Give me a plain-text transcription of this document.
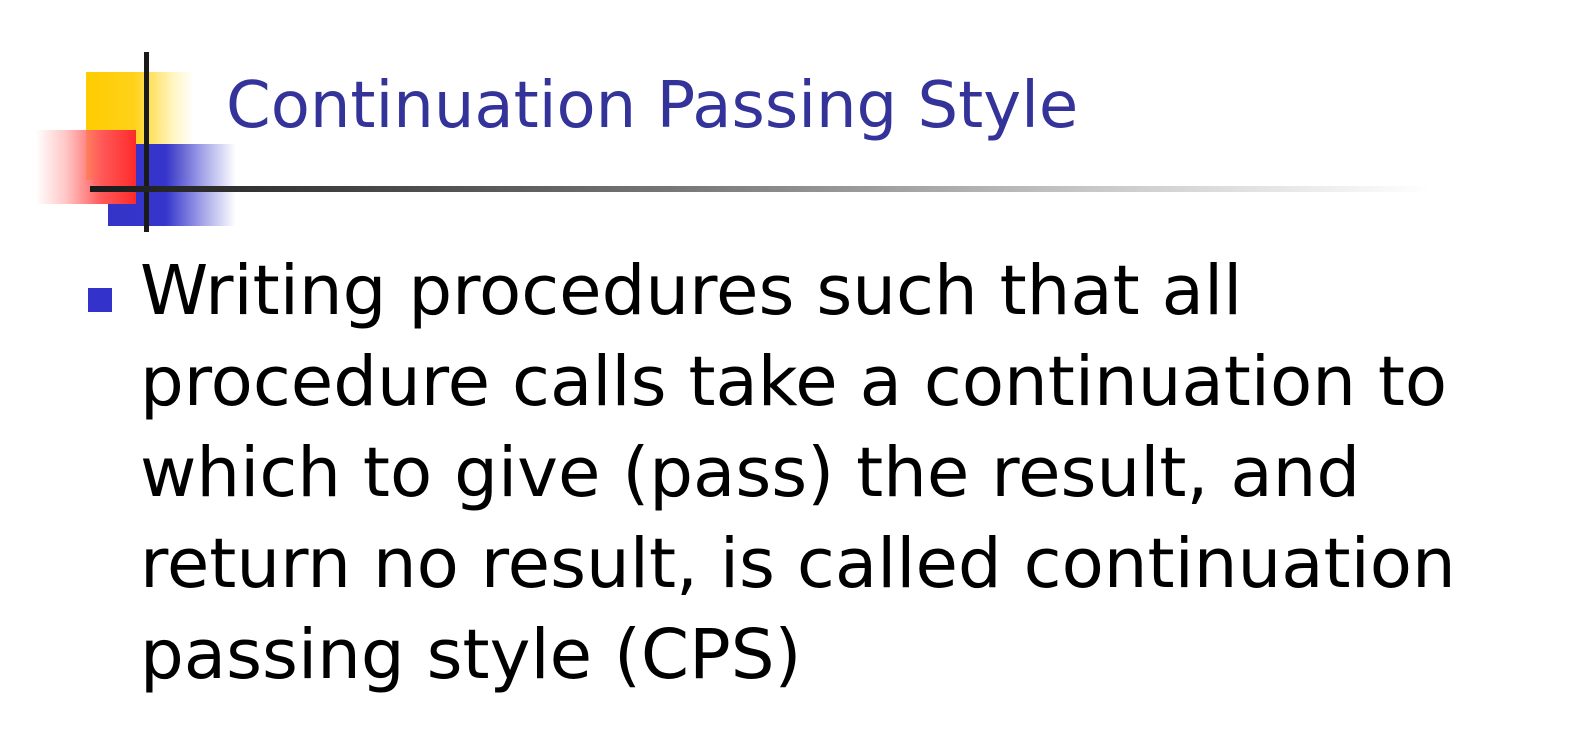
Continuation Passing Style

Writing procedures such that all
procedure calls take a continuation to
which to give (pass) the result, and
return no result, is called continuation
passing style (CPS)
